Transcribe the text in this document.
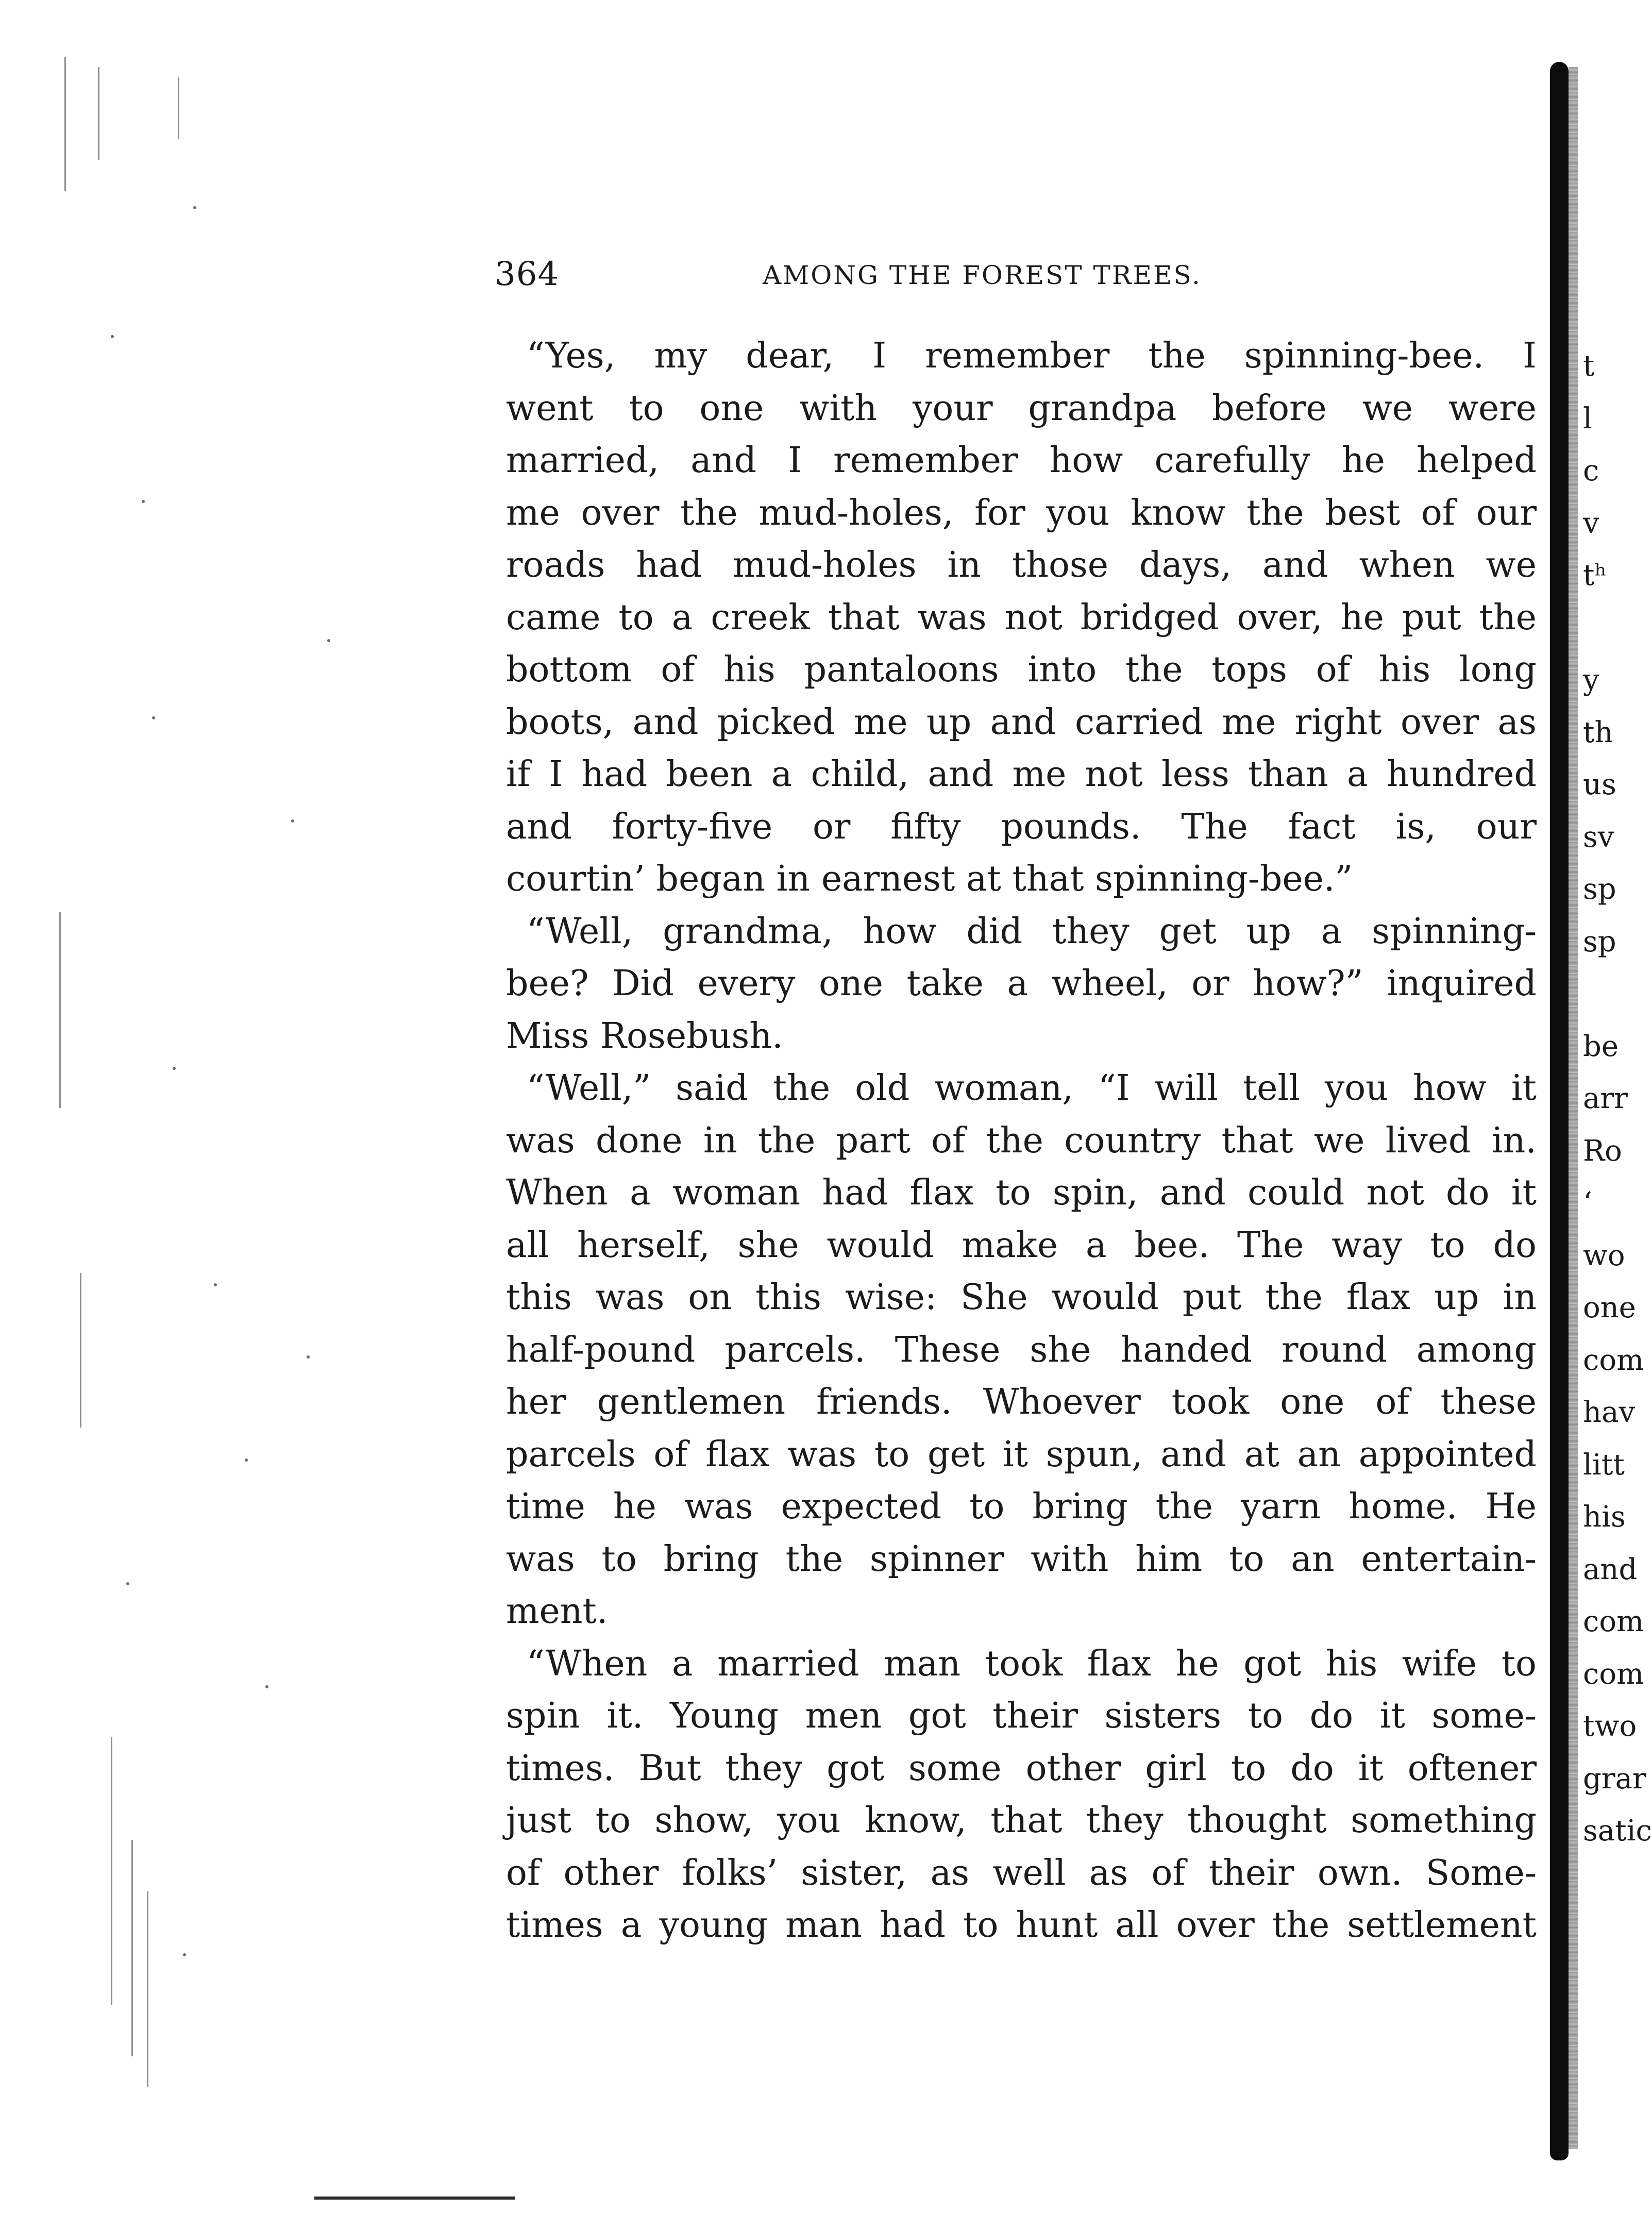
364	AMONG THE FOREST TREES.
“Yes, my dear, I remember the spinning-bee. I
went to one with your grandpa before we were
married, and I remember how carefully he helped
me over the mud-holes, for you know the best of our
roads had mud-holes in those days, and when we
came to a creek that was not bridged over, he put the
bottom of his pantaloons into the tops of his long
boots, and picked me up and carried me right over as
if I had been a child, and me not less than a hundred
and forty-five or fifty pounds. The fact is, our
courtin’ began in earnest at that spinning-bee.”
“Well, grandma, how did they get up a spinning-
bee? Did every one take a wheel, or how?” inquired
Miss Rosebush.
“Well,” said the old woman, “I will tell you how it
was done in the part of the country that we lived in.
When a woman had flax to spin, and could not do it
all herself, she would make a bee. The way to do
this was on this wise: She would put the flax up in
half-pound parcels. These she handed round among
her gentlemen friends. Whoever took one of these
parcels of flax was to get it spun, and at an appointed
time he was expected to bring the yarn home. He
was to bring the spinner with him to an entertain-
ment.
“When a married man took flax he got his wife to
spin it. Young men got their sisters to do it some-
times. But they got some other girl to do it oftener
just to show, you know, that they thought something
of other folks’ sister, as well as of their own. Some-
times a young man had to hunt all over the settlement
t
l
c
v
tʰ
y
th
us
sv
sp
sp
be
arr
Ro
‘
wo
one
com
hav
litt
his
and
com
com
two
grar
satic
